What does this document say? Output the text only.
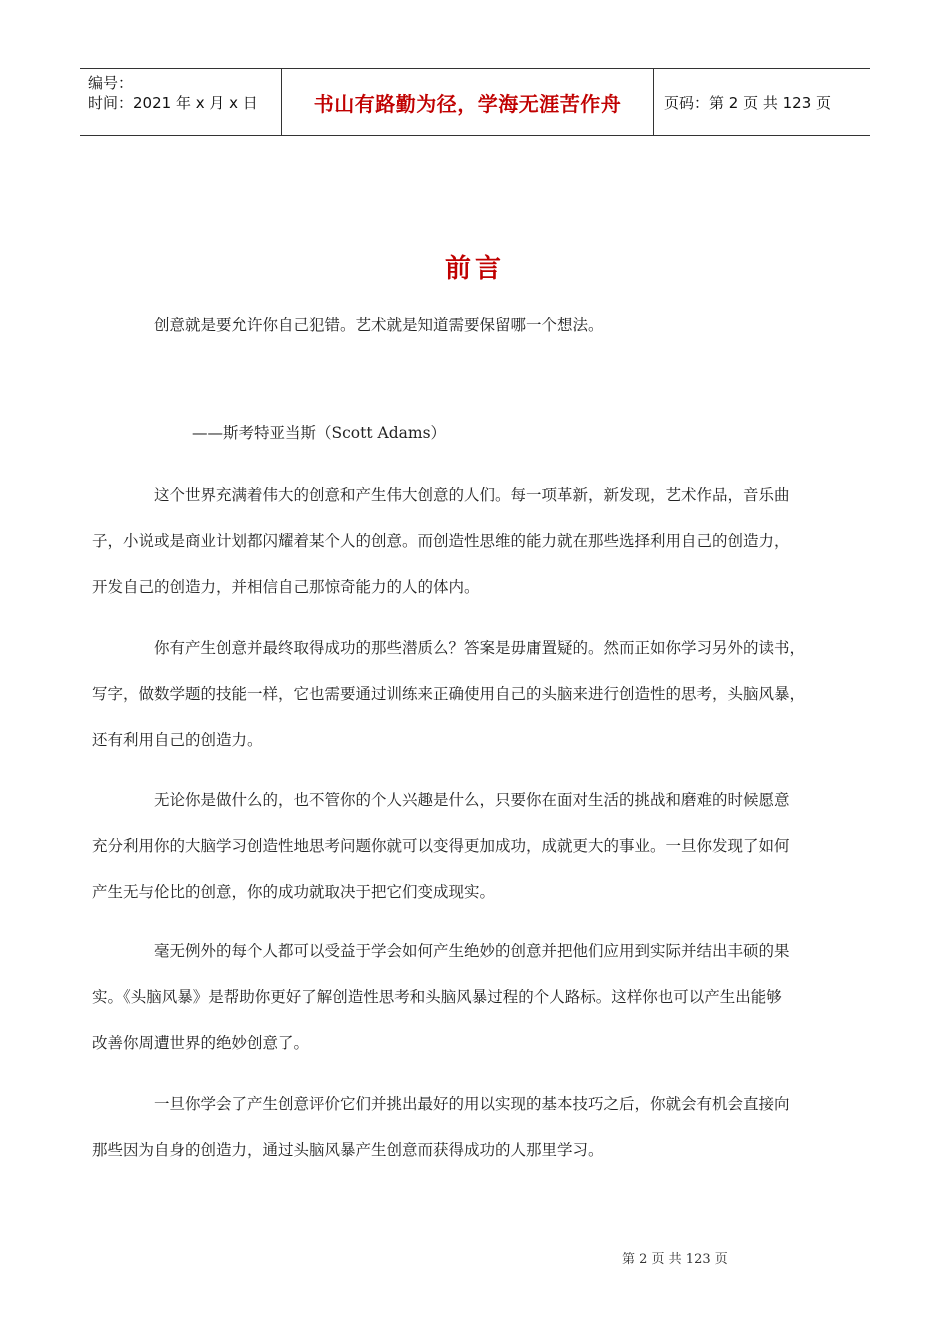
编号：
时间：2021 年 x 月 x 日	书山有路勤为径，学海无涯苦作舟	页码：第 2 页 共 123 页
前言
创意就是要允许你自己犯错。艺术就是知道需要保留哪一个想法。
——斯考特亚当斯（Scott Adams）
这个世界充满着伟大的创意和产生伟大创意的人们。每一项革新，新发现，艺术作品，音乐曲
子，小说或是商业计划都闪耀着某个人的创意。而创造性思维的能力就在那些选择利用自己的创造力，
开发自己的创造力，并相信自己那惊奇能力的人的体内。
你有产生创意并最终取得成功的那些潜质么？答案是毋庸置疑的。然而正如你学习另外的读书，
写字，做数学题的技能一样，它也需要通过训练来正确使用自己的头脑来进行创造性的思考，头脑风暴，
还有利用自己的创造力。
无论你是做什么的，也不管你的个人兴趣是什么，只要你在面对生活的挑战和磨难的时候愿意
充分利用你的大脑学习创造性地思考问题你就可以变得更加成功，成就更大的事业。一旦你发现了如何
产生无与伦比的创意，你的成功就取决于把它们变成现实。
毫无例外的每个人都可以受益于学会如何产生绝妙的创意并把他们应用到实际并结出丰硕的果
实。《头脑风暴》是帮助你更好了解创造性思考和头脑风暴过程的个人路标。这样你也可以产生出能够
改善你周遭世界的绝妙创意了。
一旦你学会了产生创意评价它们并挑出最好的用以实现的基本技巧之后，你就会有机会直接向
那些因为自身的创造力，通过头脑风暴产生创意而获得成功的人那里学习。
第 2 页 共 123 页
